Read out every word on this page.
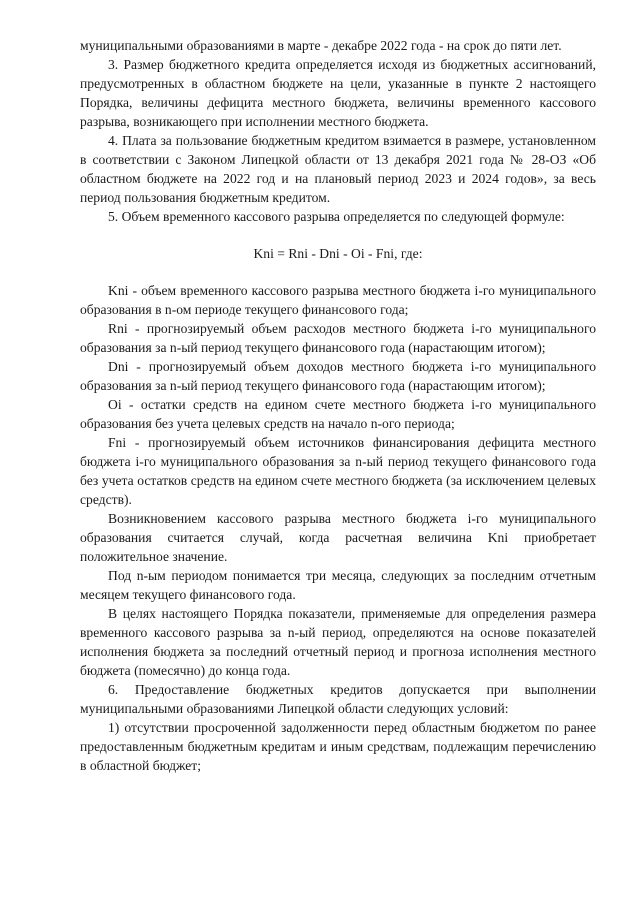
муниципальными образованиями в марте - декабре 2022 года - на срок до пяти лет.

3. Размер бюджетного кредита определяется исходя из бюджетных ассигнований, предусмотренных в областном бюджете на цели, указанные в пункте 2 настоящего Порядка, величины дефицита местного бюджета, величины временного кассового разрыва, возникающего при исполнении местного бюджета.

4. Плата за пользование бюджетным кредитом взимается в размере, установленном в соответствии с Законом Липецкой области от 13 декабря 2021 года № 28-ОЗ «Об областном бюджете на 2022 год и на плановый период 2023 и 2024 годов», за весь период пользования бюджетным кредитом.

5. Объем временного кассового разрыва определяется по следующей формуле:

Kni = Rni - Dni - Oi - Fni, где:

Kni - объем временного кассового разрыва местного бюджета i-го муниципального образования в n-ом периоде текущего финансового года;

Rni - прогнозируемый объем расходов местного бюджета i-го муниципального образования за n-ый период текущего финансового года (нарастающим итогом);

Dni - прогнозируемый объем доходов местного бюджета i-го муниципального образования за n-ый период текущего финансового года (нарастающим итогом);

Oi - остатки средств на едином счете местного бюджета i-го муниципального образования без учета целевых средств на начало n-ого периода;

Fni - прогнозируемый объем источников финансирования дефицита местного бюджета i-го муниципального образования за n-ый период текущего финансового года без учета остатков средств на едином счете местного бюджета (за исключением целевых средств).

Возникновением кассового разрыва местного бюджета i-го муниципального образования считается случай, когда расчетная величина Kni приобретает положительное значение.

Под n-ым периодом понимается три месяца, следующих за последним отчетным месяцем текущего финансового года.

В целях настоящего Порядка показатели, применяемые для определения размера временного кассового разрыва за n-ый период, определяются на основе показателей исполнения бюджета за последний отчетный период и прогноза исполнения местного бюджета (помесячно) до конца года.

6. Предоставление бюджетных кредитов допускается при выполнении муниципальными образованиями Липецкой области следующих условий:

1) отсутствии просроченной задолженности перед областным бюджетом по ранее предоставленным бюджетным кредитам и иным средствам, подлежащим перечислению в областной бюджет;
